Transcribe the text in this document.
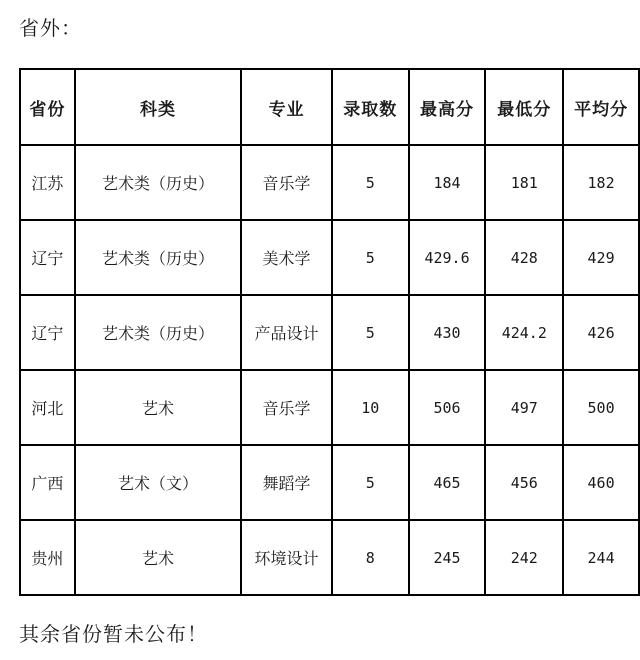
省外：
省份	科类	专业	录取数	最高分	最低分	平均分
江苏	艺术类（历史）	音乐学	5	184	181	182
辽宁	艺术类（历史）	美术学	5	429.6	428	429
辽宁	艺术类（历史）	产品设计	5	430	424.2	426
河北	艺术	音乐学	10	506	497	500
广西	艺术（文）	舞蹈学	5	465	456	460
贵州	艺术	环境设计	8	245	242	244
其余省份暂未公布！
